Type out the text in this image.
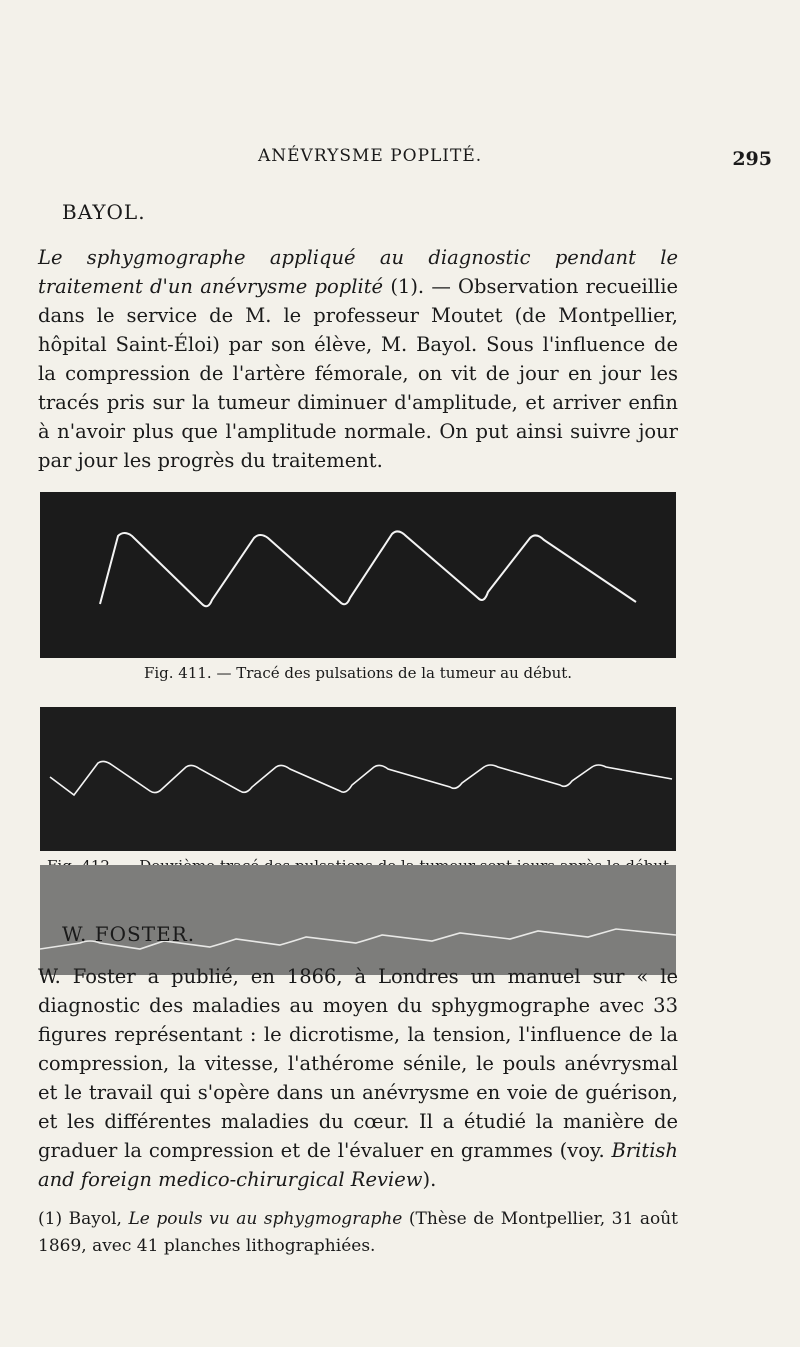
ANÉVRYSME POPLITÉ.	295
BAYOL.
Le sphygmographe appliqué au diagnostic pendant le traitement d'un anévrysme poplité (1). — Observation recueillie dans le service de M. le professeur Moutet (de Montpellier, hôpital Saint-Éloi) par son élève, M. Bayol. Sous l'influence de la compression de l'artère fémorale, on vit de jour en jour les tracés pris sur la tumeur diminuer d'amplitude, et arriver enfin à n'avoir plus que l'amplitude normale. On put ainsi suivre jour par jour les progrès du traitement.
Fig. 411. — Tracé des pulsations de la tumeur au début.
W. FOSTER.
W. Foster a publié, en 1866, à Londres un manuel sur « le diagnostic des maladies au moyen du sphygmographe avec 33 figures représentant : le dicrotisme, la tension, l'influence de la compression, la vitesse, l'athérome sénile, le pouls anévrysmal et le travail qui s'opère dans un anévrysme en voie de guérison, et les différentes maladies du cœur. Il a étudié la manière de graduer la compression et de l'évaluer en grammes (voy. British and foreign medico-chirurgical Review).
(1) Bayol, Le pouls vu au sphygmographe (Thèse de Montpellier, 31 août 1869, avec 41 planches lithographiées.
